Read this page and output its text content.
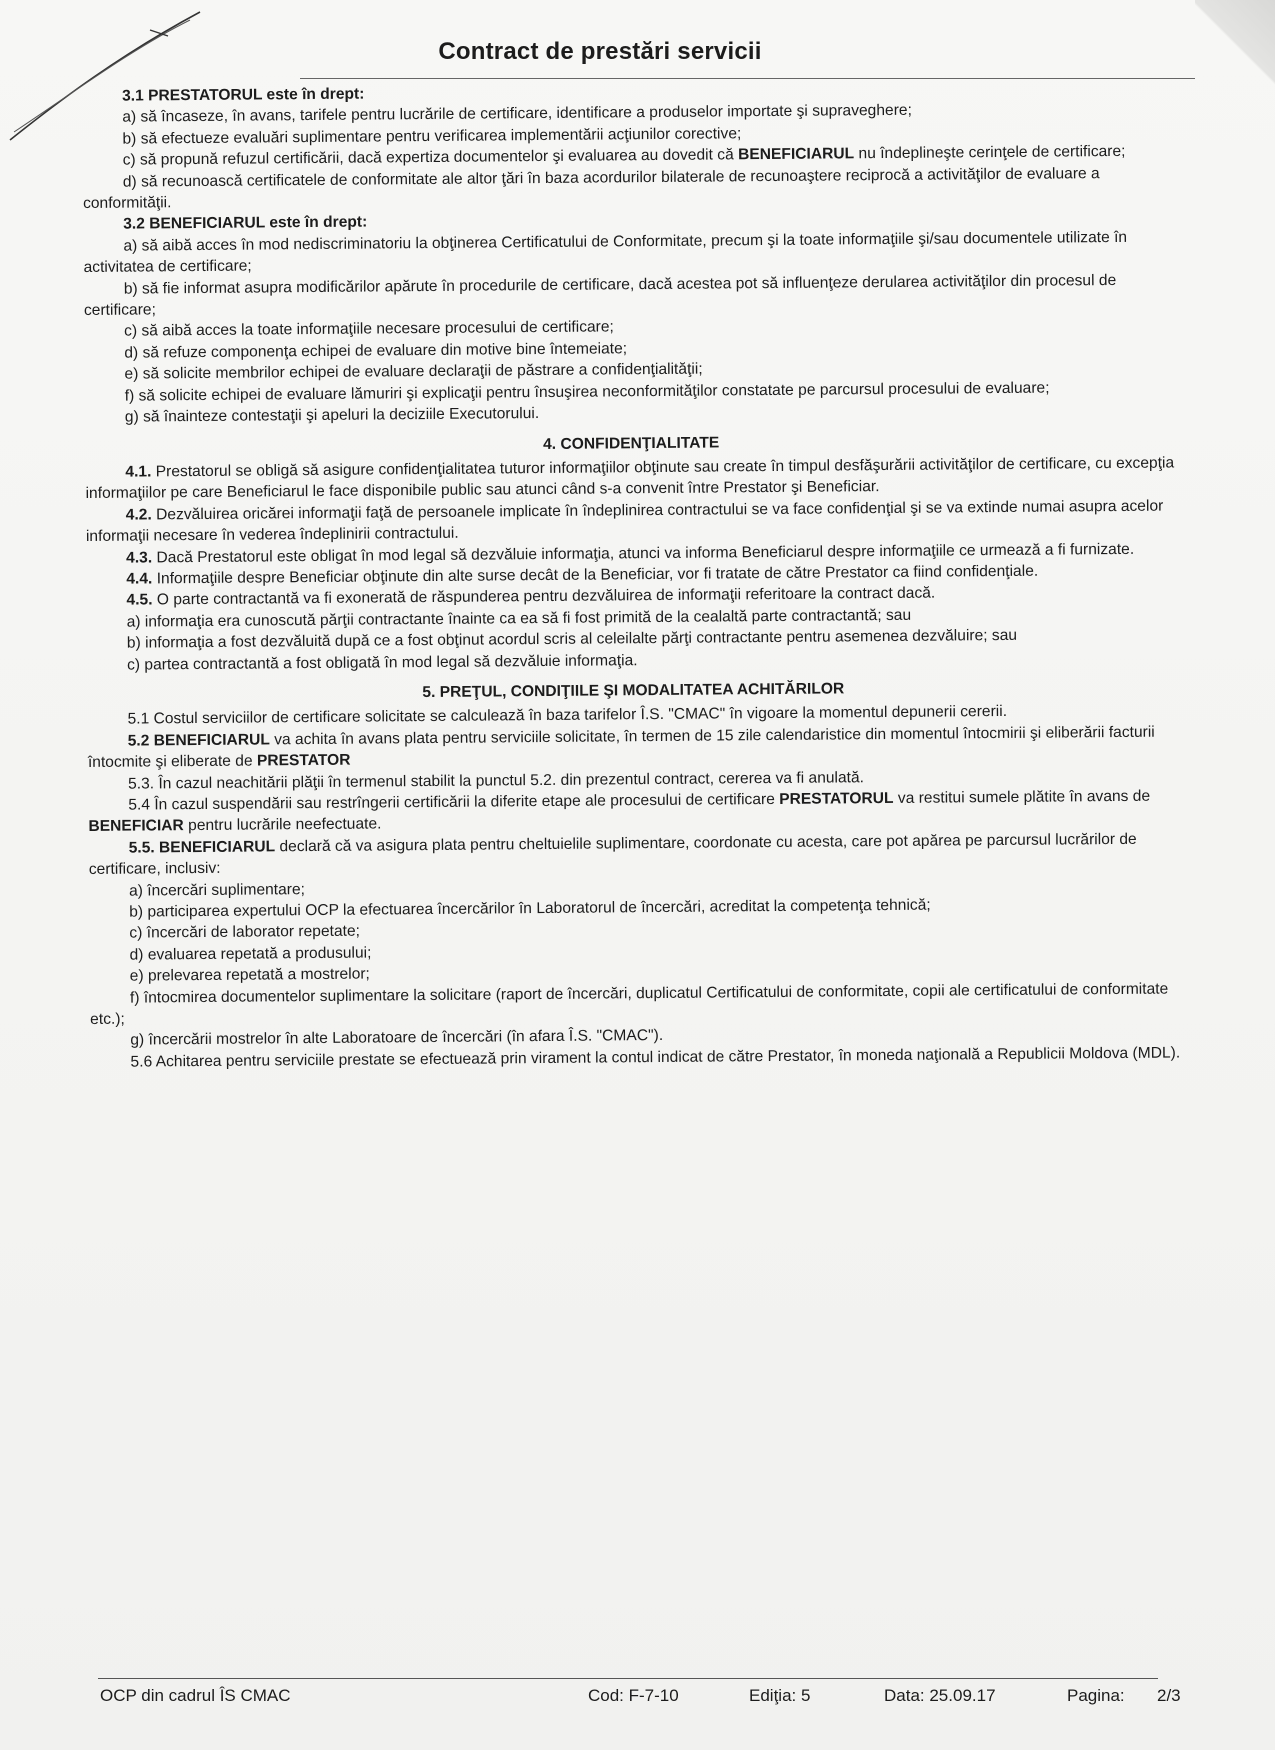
Contract de prestări servicii

3.1 PRESTATORUL este în drept:

a) să încaseze, în avans, tarifele pentru lucrările de certificare, identificare a produselor importate şi supraveghere;

b) să efectueze evaluări suplimentare pentru verificarea implementării acţiunilor corective;

c) să propună refuzul certificării, dacă expertiza documentelor şi evaluarea au dovedit că BENEFICIARUL nu îndeplineşte cerinţele de certificare;

d) să recunoască certificatele de conformitate ale altor ţări în baza acordurilor bilaterale de recunoaştere reciprocă a activităţilor de evaluare a conformităţii.

3.2 BENEFICIARUL este în drept:

a) să aibă acces în mod nediscriminatoriu la obţinerea Certificatului de Conformitate, precum şi la toate informaţiile şi/sau documentele utilizate în activitatea de certificare;

b) să fie informat asupra modificărilor apărute în procedurile de certificare, dacă acestea pot să influenţeze derularea activităţilor din procesul de certificare;

c) să aibă acces la toate informaţiile necesare procesului de certificare;

d) să refuze componenţa echipei de evaluare din motive bine întemeiate;

e) să solicite membrilor echipei de evaluare declaraţii de păstrare a confidenţialităţii;

f) să solicite echipei de evaluare lămuriri şi explicaţii pentru însuşirea neconformităţilor constatate pe parcursul procesului de evaluare;

g) să înainteze contestaţii şi apeluri la deciziile Executorului.

4. CONFIDENŢIALITATE

4.1. Prestatorul se obligă să asigure confidenţialitatea tuturor informaţiilor obţinute sau create în timpul desfăşurării activităţilor de certificare, cu excepţia informaţiilor pe care Beneficiarul le face disponibile public sau atunci când s-a convenit între Prestator şi Beneficiar.

4.2. Dezvăluirea oricărei informaţii faţă de persoanele implicate în îndeplinirea contractului se va face confidenţial şi se va extinde numai asupra acelor informaţii necesare în vederea îndeplinirii contractului.

4.3. Dacă Prestatorul este obligat în mod legal să dezvăluie informaţia, atunci va informa Beneficiarul despre informaţiile ce urmează a fi furnizate.

4.4. Informaţiile despre Beneficiar obţinute din alte surse decât de la Beneficiar, vor fi tratate de către Prestator ca fiind confidenţiale.

4.5. O parte contractantă va fi exonerată de răspunderea pentru dezvăluirea de informaţii referitoare la contract dacă.

a) informaţia era cunoscută părţii contractante înainte ca ea să fi fost primită de la cealaltă parte contractantă; sau

b) informaţia a fost dezvăluită după ce a fost obţinut acordul scris al celeilalte părţi contractante pentru asemenea dezvăluire; sau

c) partea contractantă a fost obligată în mod legal să dezvăluie informaţia.

5. PREŢUL, CONDIŢIILE ŞI MODALITATEA ACHITĂRILOR

5.1 Costul serviciilor de certificare solicitate se calculează în baza tarifelor Î.S. "CMAC" în vigoare la momentul depunerii cererii.

5.2 BENEFICIARUL va achita în avans plata pentru serviciile solicitate, în termen de 15 zile calendaristice din momentul întocmirii şi eliberării facturii întocmite şi eliberate de PRESTATOR

5.3. În cazul neachitării plăţii în termenul stabilit la punctul 5.2. din prezentul contract, cererea va fi anulată.

5.4 În cazul suspendării sau restrîngerii certificării la diferite etape ale procesului de certificare PRESTATORUL va restitui sumele plătite în avans de BENEFICIAR pentru lucrările neefectuate.

5.5. BENEFICIARUL declară că va asigura plata pentru cheltuielile suplimentare, coordonate cu acesta, care pot apărea pe parcursul lucrărilor de certificare, inclusiv:

a) încercări suplimentare;

b) participarea expertului OCP la efectuarea încercărilor în Laboratorul de încercări, acreditat la competenţa tehnică;

c) încercări de laborator repetate;

d) evaluarea repetată a produsului;

e) prelevarea repetată a mostrelor;

f) întocmirea documentelor suplimentare la solicitare (raport de încercări, duplicatul Certificatului de conformitate, copii ale certificatului de conformitate etc.);

g) încercării mostrelor în alte Laboratoare de încercări (în afara Î.S. "CMAC").

5.6 Achitarea pentru serviciile prestate se efectuează prin virament la contul indicat de către Prestator, în moneda naţională a Republicii Moldova (MDL).

OCP din cadrul ÎS CMAC	Cod: F-7-10	Ediţia: 5	Data: 25.09.17	Pagina: 2/3
